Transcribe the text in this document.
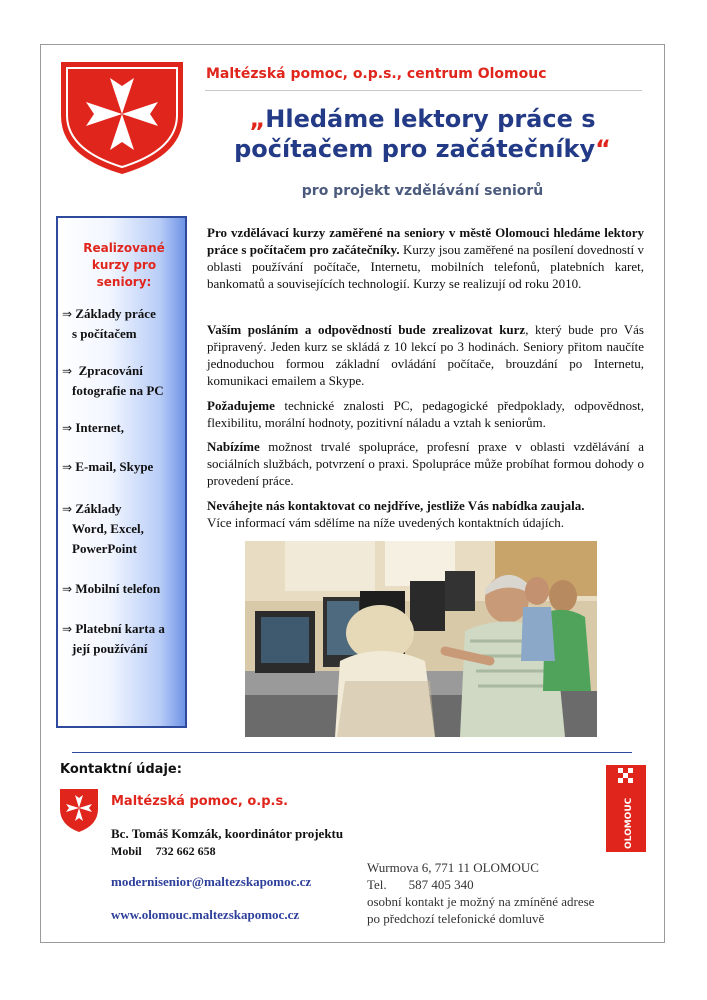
Maltézská pomoc, o.p.s., centrum Olomouc
„Hledáme lektory práce s
počítačem pro začátečníky“
pro projekt vzdělávání seniorů
Realizované
kurzy pro
seniory:
⇒ Základy práce
s počítačem
⇒ Zpracování
fotografie na PC
⇒ Internet,
⇒ E-mail, Skype
⇒ Základy
Word, Excel,
PowerPoint
⇒ Mobilní telefon
⇒ Platební karta a
její používání

Pro vzdělávací kurzy zaměřené na seniory v městě Olomouci hledáme lektory práce s počítačem pro začátečníky. Kurzy jsou zaměřené na posílení dovedností v oblasti používání počítače, Internetu, mobilních telefonů, platebních karet, bankomatů a souvisejících technologií. Kurzy se realizují od roku 2010.

Vaším posláním a odpovědností bude zrealizovat kurz, který bude pro Vás připravený. Jeden kurz se skládá z 10 lekcí po 3 hodinách. Seniory přitom naučíte jednoduchou formou základní ovládání počítače, brouzdání po Internetu, komunikaci emailem a Skype.

Požadujeme technické znalosti PC, pedagogické předpoklady, odpovědnost, flexibilitu, morální hodnoty, pozitivní náladu a vztah k seniorům.

Nabízíme možnost trvalé spolupráce, profesní praxe v oblasti vzdělávání a sociálních službách, potvrzení o praxi. Spolupráce může probíhat formou dohody o provedení práce.

Neváhejte nás kontaktovat co nejdříve, jestliže Vás nabídka zaujala.

Více informací vám sdělíme na níže uvedených kontaktních údajích.

Kontaktní údaje:
Maltézská pomoc, o.p.s.
Bc. Tomáš Komzák, koordinátor projektu
Mobil 732 662 658
modernisenior@maltezskapomoc.cz
www.olomouc.maltezskapomoc.cz
Wurmova 6, 771 11 OLOMOUC
Tel. 587 405 340
osobní kontakt je možný na zmíněné adrese
po předchozí telefonické domluvě
OLOMOUC
